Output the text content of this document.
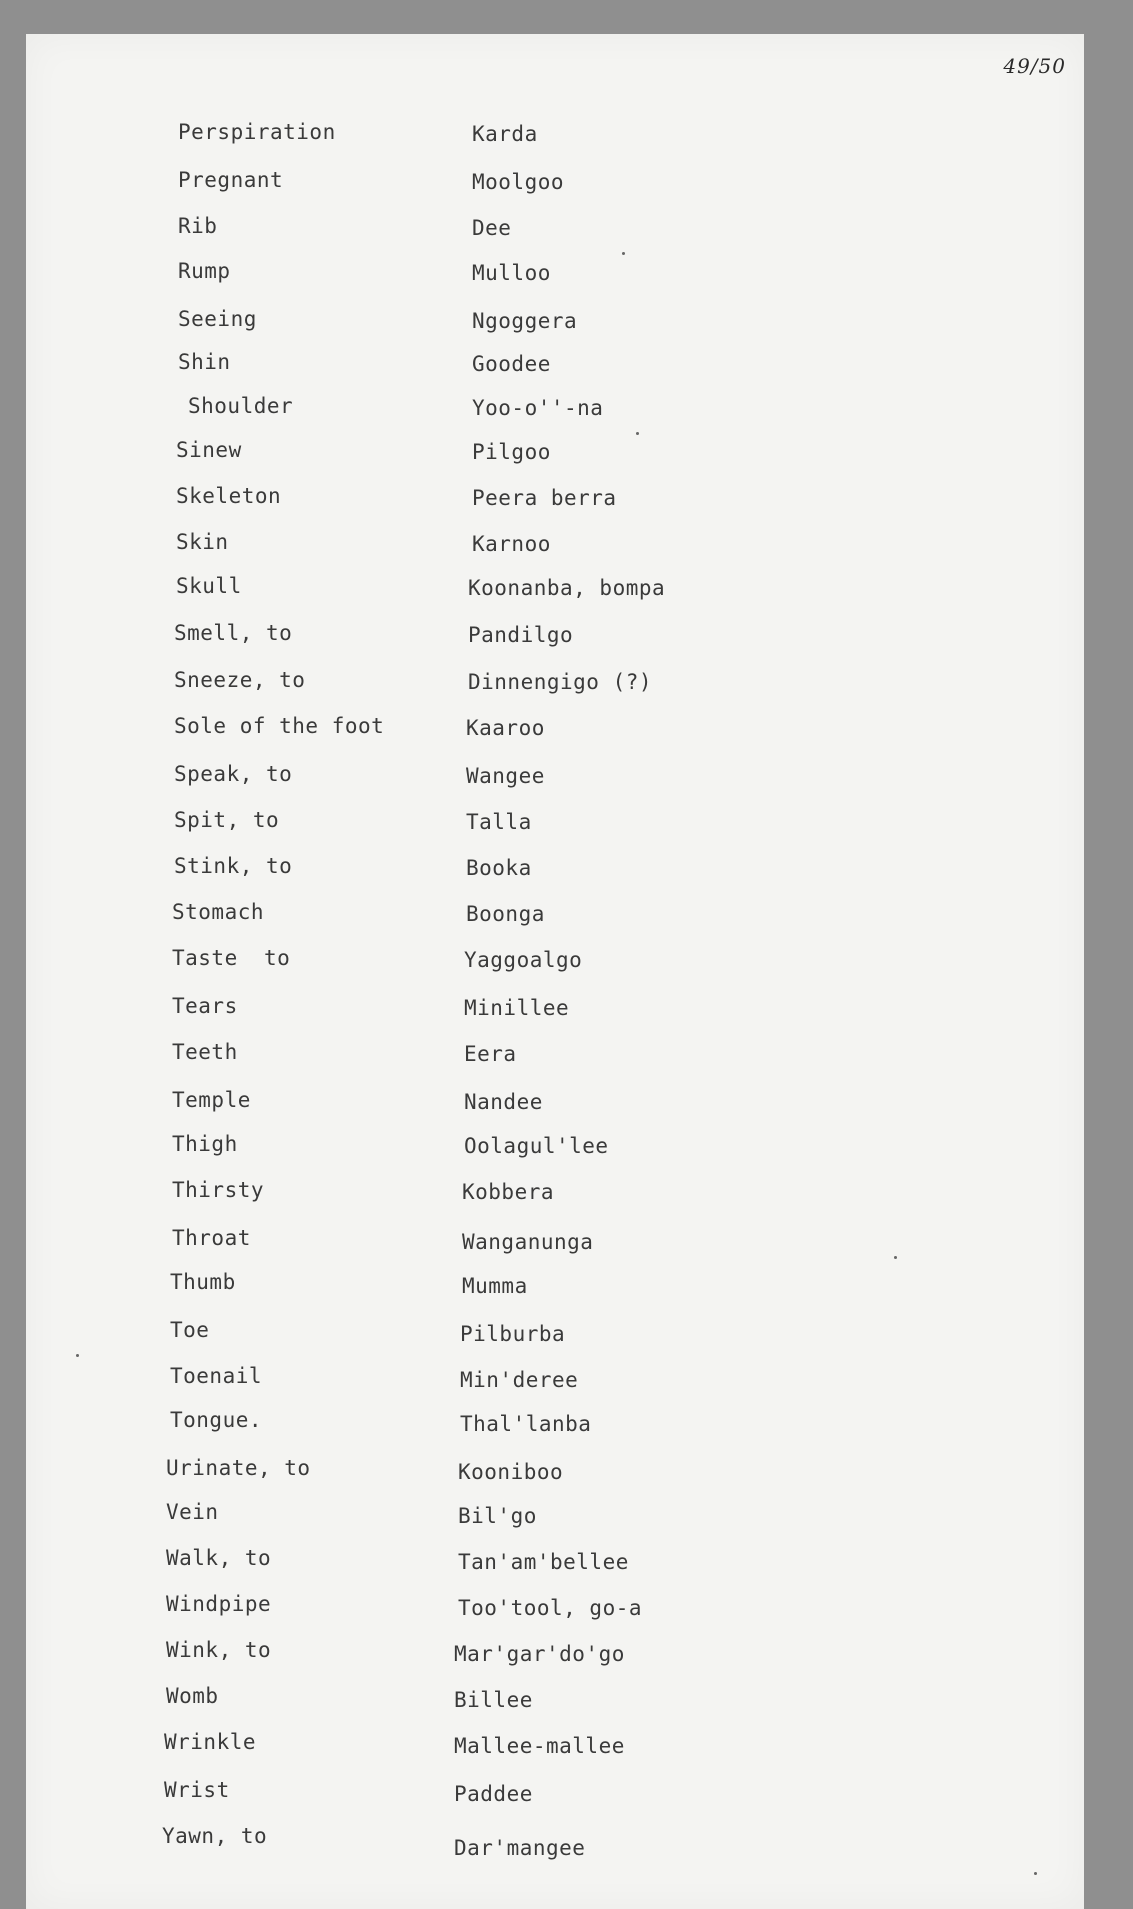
49/50
Perspiration	Karda
Pregnant	Moolgoo
Rib	Dee
Rump	Mulloo
Seeing	Ngoggera
Shin	Goodee
Shoulder	Yoo-o''-na
Sinew	Pilgoo
Skeleton	Peera berra
Skin	Karnoo
Skull	Koonanba, bompa
Smell, to	Pandilgo
Sneeze, to	Dinnengigo (?)
Sole of the foot	Kaaroo
Speak, to	Wangee
Spit, to	Talla
Stink, to	Booka
Stomach	Boonga
Taste  to	Yaggoalgo
Tears	Minillee
Teeth	Eera
Temple	Nandee
Thigh	Oolagul'lee
Thirsty	Kobbera
Throat	Wanganunga
Thumb	Mumma
Toe	Pilburba
Toenail	Min'deree
Tongue.	Thal'lanba
Urinate, to	Kooniboo
Vein	Bil'go
Walk, to	Tan'am'bellee
Windpipe	Too'tool, go-a
Wink, to	Mar'gar'do'go
Womb	Billee
Wrinkle	Mallee-mallee
Wrist	Paddee
Yawn, to	Dar'mangee
